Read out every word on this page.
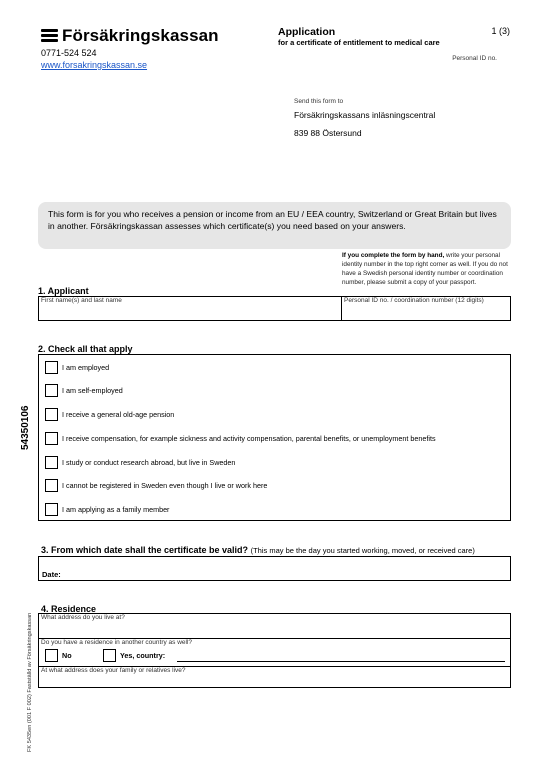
Försäkringskassan
0771-524 524
www.forsakringskassan.se
Application
for a certificate of entitlement to medical care
1 (3)
Personal ID no.
Send this form to
Försäkringskassans inläsningscentral
839 88 Östersund
This form is for you who receives a pension or income from an EU / EEA country, Switzerland or Great Britain but lives in another. Försäkringskassan assesses which certificate(s) you need based on your answers.
If you complete the form by hand, write your personal identity number in the top right corner as well. If you do not have a Swedish personal identity number or coordination number, please submit a copy of your passport.
1. Applicant
First name(s) and last name	Personal ID no. / coordination number (12 digits)
2. Check all that apply
I am employed
I am self-employed
I receive a general old-age pension
I receive compensation, for example sickness and activity compensation, parental benefits, or unemployment benefits
I study or conduct research abroad, but live in Sweden
I cannot be registered in Sweden even though I live or work here
I am applying as a family member
3. From which date shall the certificate be valid? (This may be the day you started working, moved, or received care)
Date:
4. Residence
What address do you live at?
Do you have a residence in another country as well?
No	Yes, country:
At what address does your family or relatives live?
54350106
FK 5435en (001 F 002) Fastställd av Försäkringskassan
